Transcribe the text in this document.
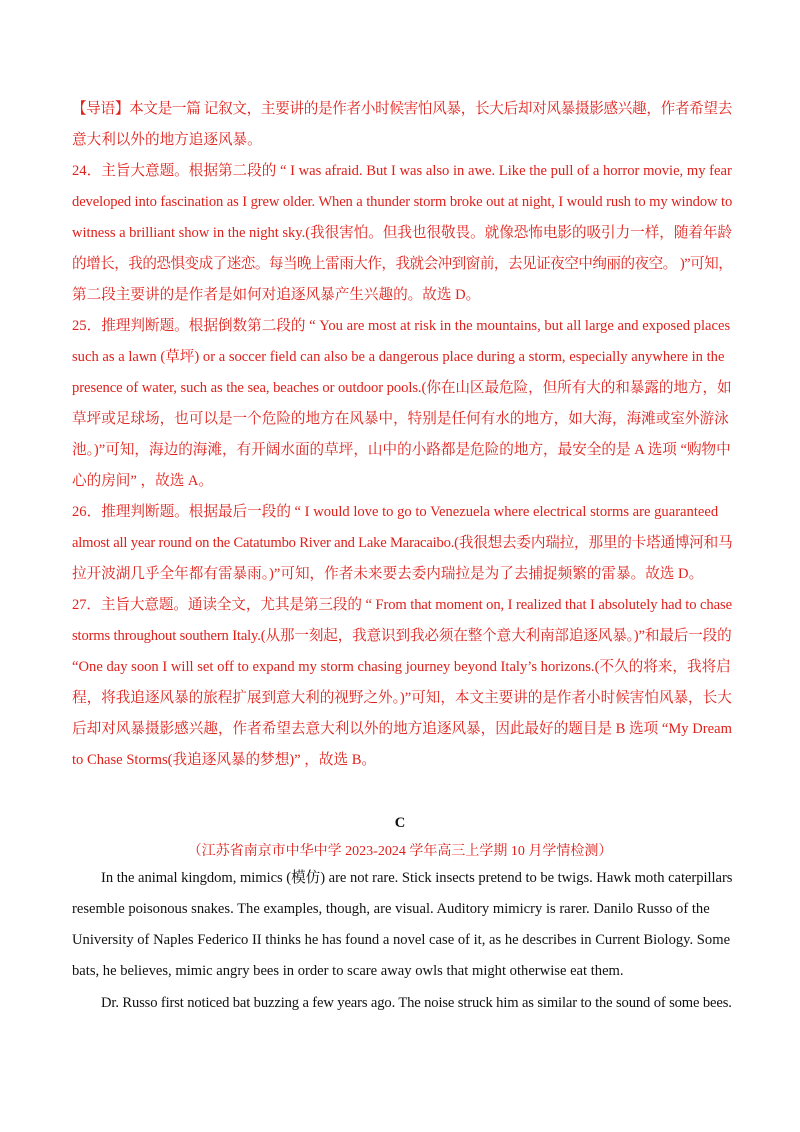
【导语】本文是一篇 记叙文，主要讲的是作者小时候害怕风暴，长大后却对风暴摄影感兴趣，作者希望去
意大利以外的地方追逐风暴。
24．主旨大意题。根据第二段的 “ I was afraid. But I was also in awe. Like the pull of a horror movie, my fear
developed into fascination as I grew older. When a thunder storm broke out at night, I would rush to my window to
witness a brilliant show in the night sky.(我很害怕。但我也很敬畏。就像恐怖电影的吸引力一样，随着年龄
的增长，我的恐惧变成了迷恋。每当晚上雷雨大作，我就会冲到窗前，去见证夜空中绚丽的夜空。 )”可知，
第二段主要讲的是作者是如何对追逐风暴产生兴趣的。故选 D。
25．推理判断题。根据倒数第二段的 “ You are most at risk in the mountains, but all large and exposed places
such as a lawn (草坪) or a soccer field can also be a dangerous place during a storm, especially anywhere in the
presence of water, such as the sea, beaches or outdoor pools.(你在山区最危险，但所有大的和暴露的地方，如
草坪或足球场，也可以是一个危险的地方在风暴中，特别是任何有水的地方，如大海，海滩或室外游泳
池。)”可知，海边的海滩，有开阔水面的草坪，山中的小路都是危险的地方，最安全的是 A 选项 “购物中
心的房间” ，故选 A。
26．推理判断题。根据最后一段的 “ I would love to go to Venezuela where electrical storms are guaranteed
almost all year round on the Catatumbo River and Lake Maracaibo.(我很想去委内瑞拉，那里的卡塔通博河和马
拉开波湖几乎全年都有雷暴雨。)”可知，作者未来要去委内瑞拉是为了去捕捉频繁的雷暴。故选 D。
27．主旨大意题。通读全文，尤其是第三段的 “ From that moment on, I realized that I absolutely had to chase
storms throughout southern Italy.(从那一刻起，我意识到我必须在整个意大利南部追逐风暴。)”和最后一段的
“One day soon I will set off to expand my storm chasing journey beyond Italy’s horizons.(不久的将来，我将启
程，将我追逐风暴的旅程扩展到意大利的视野之外。)”可知，本文主要讲的是作者小时候害怕风暴，长大
后却对风暴摄影感兴趣，作者希望去意大利以外的地方追逐风暴，因此最好的题目是 B 选项 “My Dream
to Chase Storms(我追逐风暴的梦想)” ，故选 B。
C
（江苏省南京市中华中学 2023-2024 学年高三上学期 10 月学情检测）
In the animal kingdom, mimics (模仿) are not rare. Stick insects pretend to be twigs. Hawk moth caterpillars
resemble poisonous snakes. The examples, though, are visual. Auditory mimicry is rarer. Danilo Russo of the
University of Naples Federico II thinks he has found a novel case of it, as he describes in Current Biology. Some
bats, he believes, mimic angry bees in order to scare away owls that might otherwise eat them.
Dr. Russo first noticed bat buzzing a few years ago. The noise struck him as similar to the sound of some bees.
